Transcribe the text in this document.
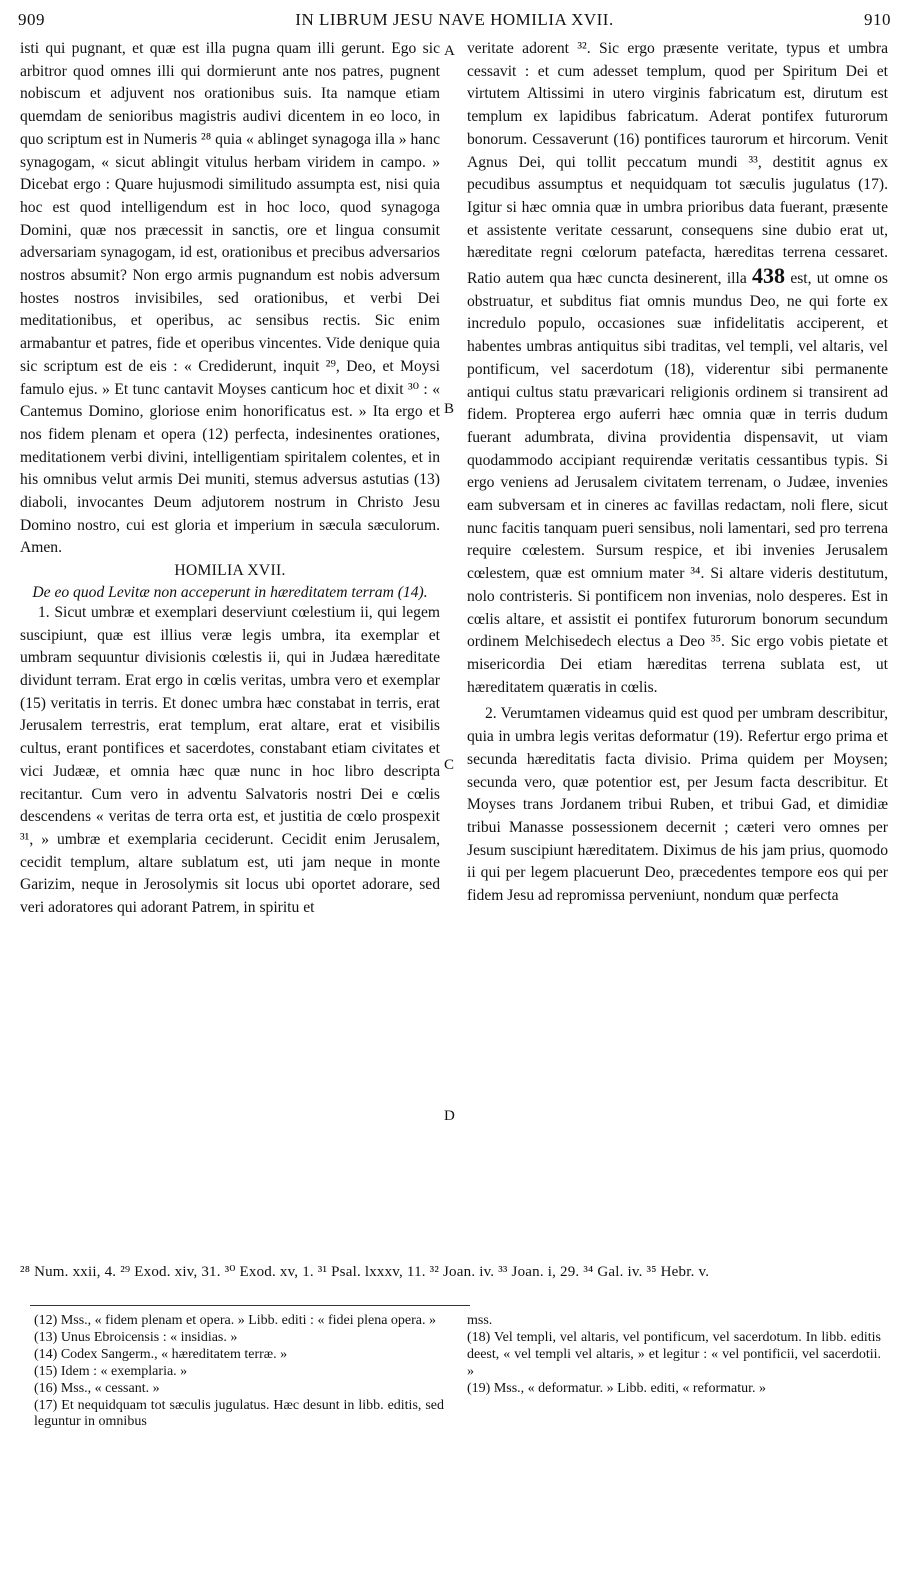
909	IN LIBRUM JESU NAVE HOMILIA XVII.	910

isti qui pugnant, et quæ est illa pugna quam illi gerunt. Ego sic arbitror quod omnes illi qui dormierunt ante nos patres, pugnent nobiscum et adjuvent nos orationibus suis. Ita namque etiam quemdam de senioribus magistris audivi dicentem in eo loco, in quo scriptum est in Numeris ²⁸ quia « ablinget synagoga illa » hanc synagogam, « sicut ablingit vitulus herbam viridem in campo. » Dicebat ergo : Quare hujusmodi similitudo assumpta est, nisi quia hoc est quod intelligendum est in hoc loco, quod synagoga Domini, quæ nos præcessit in sanctis, ore et lingua consumit adversariam synagogam, id est, orationibus et precibus adversarios nostros absumit? Non ergo armis pugnandum est nobis adversum hostes nostros invisibiles, sed orationibus, et verbi Dei meditationibus, et operibus, ac sensibus rectis. Sic enim armabantur et patres, fide et operibus vincentes. Vide denique quia sic scriptum est de eis : « Crediderunt, inquit ²⁹, Deo, et Moysi famulo ejus. » Et tunc cantavit Moyses canticum hoc et dixit ³⁰ : « Cantemus Domino, gloriose enim honorificatus est. » Ita ergo et nos fidem plenam et opera (12) perfecta, indesinentes orationes, meditationem verbi divini, intelligentiam spiritalem colentes, et in his omnibus velut armis Dei muniti, stemus adversus astutias (13) diaboli, invocantes Deum adjutorem nostrum in Christo Jesu Domino nostro, cui est gloria et imperium in sæcula sæculorum. Amen.

HOMILIA XVII.

De eo quod Levitæ non acceperunt in hæreditatem terram (14).

1. Sicut umbræ et exemplari deserviunt cœlestium ii, qui legem suscipiunt, quæ est illius veræ legis umbra, ita exemplar et umbram sequuntur divisionis cœlestis ii, qui in Judæa hæreditate dividunt terram. Erat ergo in cœlis veritas, umbra vero et exemplar (15) veritatis in terris. Et donec umbra hæc constabat in terris, erat Jerusalem terrestris, erat templum, erat altare, erat et visibilis cultus, erant pontifices et sacerdotes, constabant etiam civitates et vici Judææ, et omnia hæc quæ nunc in hoc libro descripta recitantur. Cum vero in adventu Salvatoris nostri Dei e cœlis descendens « veritas de terra orta est, et justitia de cœlo prospexit ³¹, » umbræ et exemplaria ceciderunt. Cecidit enim Jerusalem, cecidit templum, altare sublatum est, uti jam neque in monte Garizim, neque in Jerosolymis sit locus ubi oportet adorare, sed veri adoratores qui adorant Patrem, in spiritu et

A
B
C
D

veritate adorent ³². Sic ergo præsente veritate, typus et umbra cessavit : et cum adesset templum, quod per Spiritum Dei et virtutem Altissimi in utero virginis fabricatum est, dirutum est templum ex lapidibus fabricatum. Aderat pontifex futurorum bonorum. Cessaverunt (16) pontifices taurorum et hircorum. Venit Agnus Dei, qui tollit peccatum mundi ³³, destitit agnus ex pecudibus assumptus et nequidquam tot sæculis jugulatus (17). Igitur si hæc omnia quæ in umbra prioribus data fuerant, præsente et assistente veritate cessarunt, consequens sine dubio erat ut, hæreditate regni cœlorum patefacta, hæreditas terrena cessaret. Ratio autem qua hæc cuncta desinerent, illa 438 est, ut omne os obstruatur, et subditus fiat omnis mundus Deo, ne qui forte ex incredulo populo, occasiones suæ infidelitatis acciperent, et habentes umbras antiquitus sibi traditas, vel templi, vel altaris, vel pontificum, vel sacerdotum (18), viderentur sibi permanente antiqui cultus statu prævaricari religionis ordinem si transirent ad fidem. Propterea ergo auferri hæc omnia quæ in terris dudum fuerant adumbrata, divina providentia dispensavit, ut viam quodammodo accipiant requirendæ veritatis cessantibus typis. Si ergo veniens ad Jerusalem civitatem terrenam, o Judæe, invenies eam subversam et in cineres ac favillas redactam, noli flere, sicut nunc facitis tanquam pueri sensibus, noli lamentari, sed pro terrena require cœlestem. Sursum respice, et ibi invenies Jerusalem cœlestem, quæ est omnium mater ³⁴. Si altare videris destitutum, nolo contristeris. Si pontificem non invenias, nolo desperes. Est in cœlis altare, et assistit ei pontifex futurorum bonorum secundum ordinem Melchisedech electus a Deo ³⁵. Sic ergo vobis pietate et misericordia Dei etiam hæreditas terrena sublata est, ut hæreditatem quæratis in cœlis.

2. Verumtamen videamus quid est quod per umbram describitur, quia in umbra legis veritas deformatur (19). Refertur ergo prima et secunda hæreditatis facta divisio. Prima quidem per Moysen; secunda vero, quæ potentior est, per Jesum facta describitur. Et Moyses trans Jordanem tribui Ruben, et tribui Gad, et dimidiæ tribui Manasse possessionem decernit ; cæteri vero omnes per Jesum suscipiunt hæreditatem. Diximus de his jam prius, quomodo ii qui per legem placuerunt Deo, præcedentes tempore eos qui per fidem Jesu ad repromissa perveniunt, nondum quæ perfecta

²⁸ Num. xxii, 4. ²⁹ Exod. xiv, 31. ³⁰ Exod. xv, 1. ³¹ Psal. lxxxv, 11. ³² Joan. iv. ³³ Joan. i, 29. ³⁴ Gal. iv. ³⁵ Hebr. v.

(12) Mss., « fidem plenam et opera. » Libb. editi : « fidei plena opera. »

(13) Unus Ebroicensis : « insidias. »

(14) Codex Sangerm., « hæreditatem terræ. »

(15) Idem : « exemplaria. »

(16) Mss., « cessant. »

(17) Et nequidquam tot sæculis jugulatus. Hæc desunt in libb. editis, sed leguntur in omnibus

mss.

(18) Vel templi, vel altaris, vel pontificum, vel sacerdotum. In libb. editis deest, « vel templi vel altaris, » et legitur : « vel pontificii, vel sacerdotii. »

(19) Mss., « deformatur. » Libb. editi, « reformatur. »
